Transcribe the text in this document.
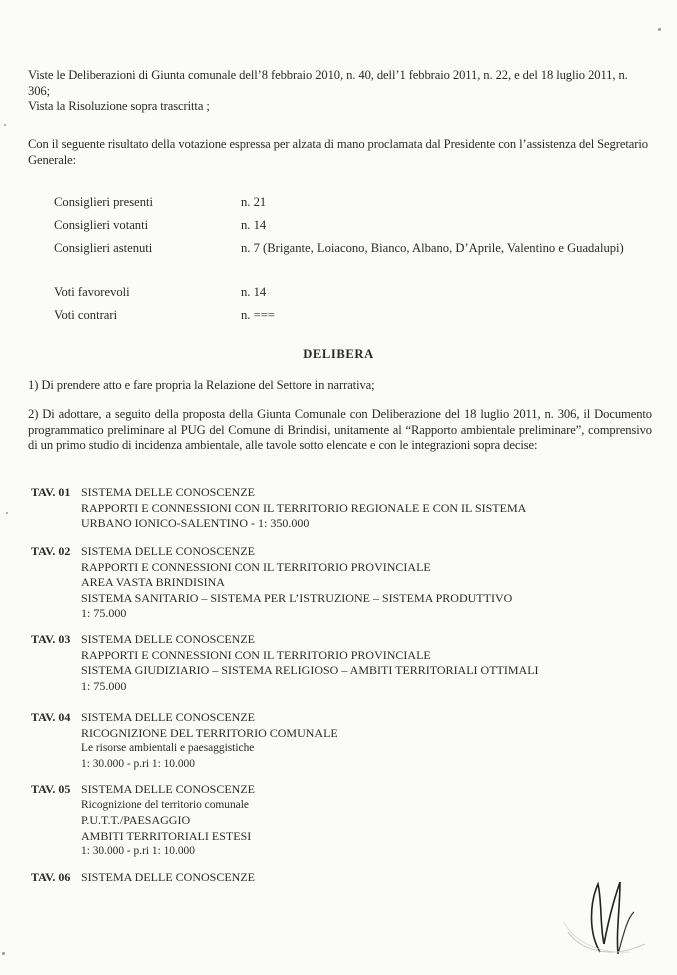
Viste le Deliberazioni di Giunta comunale dell’8 febbraio 2010, n. 40, dell’1 febbraio 2011, n. 22, e del 18 luglio 2011, n. 306;
Vista la Risoluzione sopra trascritta ;
Con il seguente risultato della votazione espressa per alzata di mano proclamata dal Presidente con l’assistenza del Segretario Generale:
Consiglieri presenti	n. 21
Consiglieri votanti	n. 14
Consiglieri astenuti	n. 7 (Brigante, Loiacono, Bianco, Albano, D’Aprile, Valentino e Guadalupi)
Voti favorevoli	n. 14
Voti contrari	n. ===
DELIBERA
1) Di prendere atto e fare propria la Relazione del Settore in narrativa;
2) Di adottare, a seguito della proposta della Giunta Comunale con Deliberazione del 18 luglio 2011, n. 306, il Documento programmatico preliminare al PUG del Comune di Brindisi, unitamente al “Rapporto ambientale preliminare”, comprensivo di un primo studio di incidenza ambientale, alle tavole sotto elencate e con le integrazioni sopra decise:
TAV. 01 SISTEMA DELLE CONOSCENZE
RAPPORTI E CONNESSIONI CON IL TERRITORIO REGIONALE E CON IL SISTEMA
URBANO IONICO-SALENTINO - 1: 350.000
TAV. 02 SISTEMA DELLE CONOSCENZE
RAPPORTI E CONNESSIONI CON IL TERRITORIO PROVINCIALE
AREA VASTA BRINDISINA
SISTEMA SANITARIO – SISTEMA PER L’ISTRUZIONE – SISTEMA PRODUTTIVO
1: 75.000
TAV. 03 SISTEMA DELLE CONOSCENZE
RAPPORTI E CONNESSIONI CON IL TERRITORIO PROVINCIALE
SISTEMA GIUDIZIARIO – SISTEMA RELIGIOSO – AMBITI TERRITORIALI OTTIMALI
1: 75.000
TAV. 04 SISTEMA DELLE CONOSCENZE
RICOGNIZIONE DEL TERRITORIO COMUNALE
Le risorse ambientali e paesaggistiche
1: 30.000 - p.ri 1: 10.000
TAV. 05 SISTEMA DELLE CONOSCENZE
Ricognizione del territorio comunale
P.U.T.T./PAESAGGIO
AMBITI TERRITORIALI ESTESI
1: 30.000 - p.ri 1: 10.000
TAV. 06 SISTEMA DELLE CONOSCENZE
